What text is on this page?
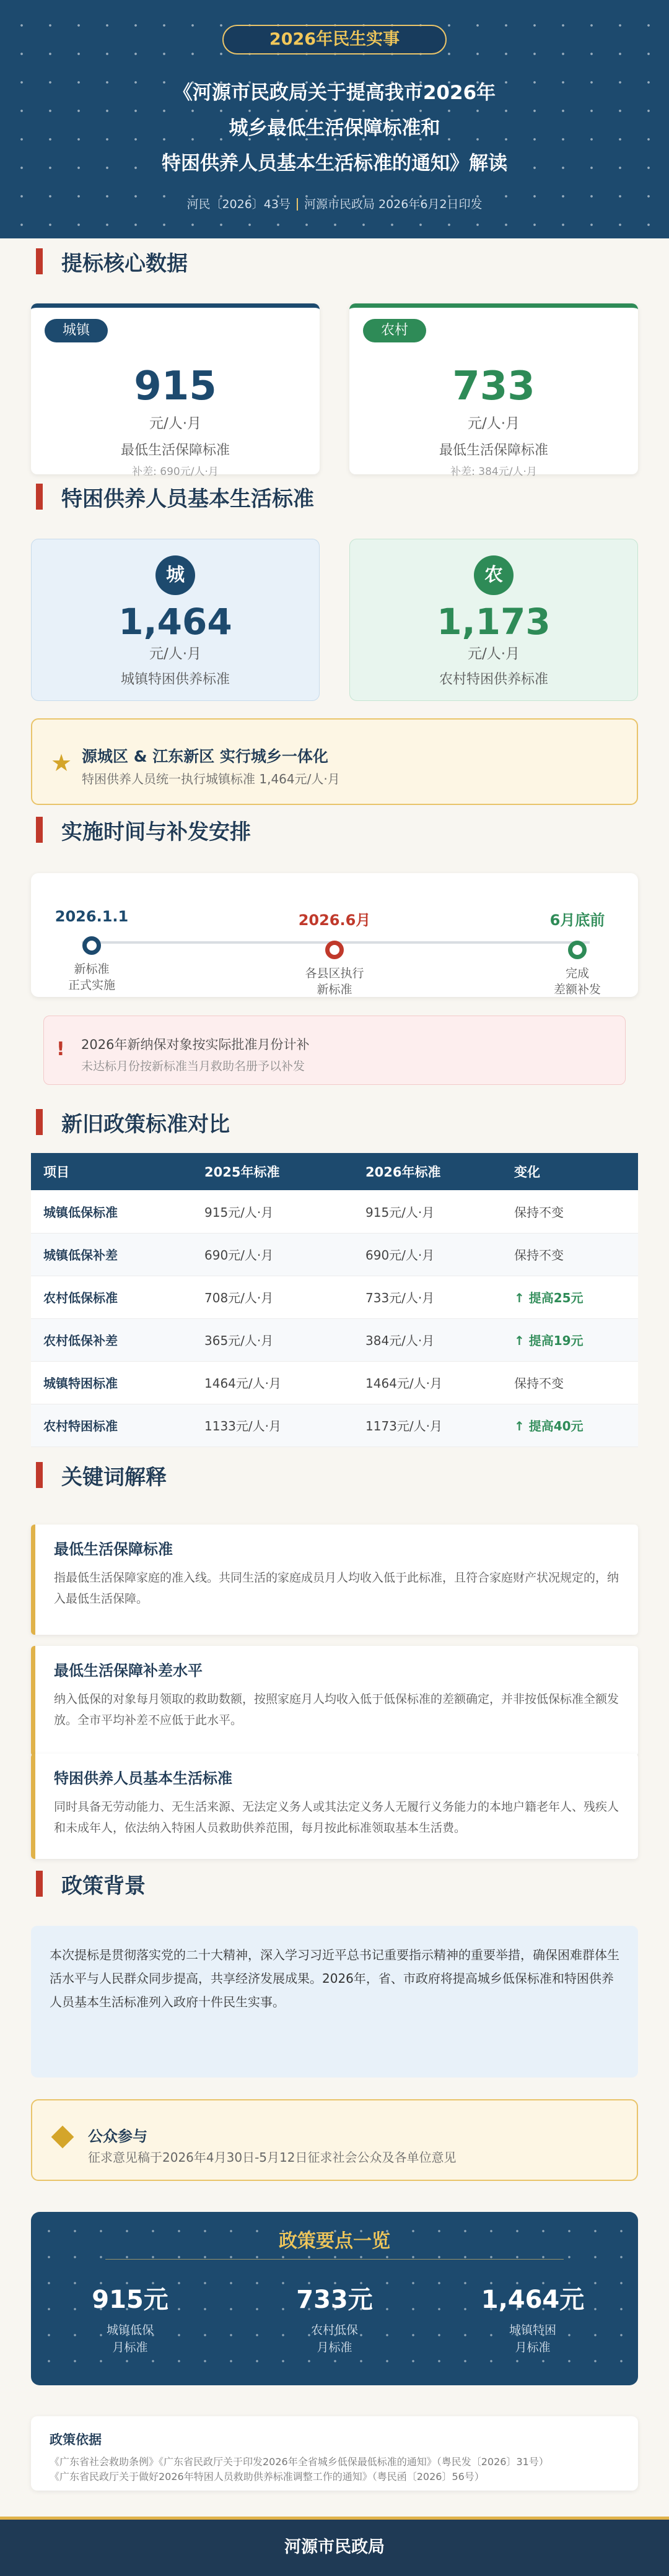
2026年民生实事
《河源市民政局关于提高我市2026年
城乡最低生活保障标准和
特困供养人员基本生活标准的通知》解读
河民〔2026〕43号 河源市民政局 2026年6月2日印发
提标核心数据
城镇
915
元/人·月
最低生活保障标准
补差: 690元/人·月
农村
733
元/人·月
最低生活保障标准
补差: 384元/人·月
特困供养人员基本生活标准
城
1,464
元/人·月
城镇特困供养标准
农
1,173
元/人·月
农村特困供养标准
★ 源城区 & 江东新区 实行城乡一体化
特困供养人员统一执行城镇标准 1,464元/人·月
实施时间与补发安排
2026.1.1
新标准
正式实施
2026.6月
各县区执行
新标准
6月底前
完成
差额补发
! 2026年新纳保对象按实际批准月份计补
未达标月份按新标准当月救助名册予以补发
新旧政策标准对比
项目	2025年标准	2026年标准	变化
城镇低保标准	915元/人·月	915元/人·月	保持不变
城镇低保补差	690元/人·月	690元/人·月	保持不变
农村低保标准	708元/人·月	733元/人·月	↑ 提高25元
农村低保补差	365元/人·月	384元/人·月	↑ 提高19元
城镇特困标准	1464元/人·月	1464元/人·月	保持不变
农村特困标准	1133元/人·月	1173元/人·月	↑ 提高40元
关键词解释
最低生活保障标准
指最低生活保障家庭的准入线。共同生活的家庭成员月人均收入低于此标准，且符合家庭财产状况规定的，纳入最低生活保障。
最低生活保障补差水平
纳入低保的对象每月领取的救助数额，按照家庭月人均收入低于低保标准的差额确定，并非按低保标准全额发放。全市平均补差不应低于此水平。
特困供养人员基本生活标准
同时具备无劳动能力、无生活来源、无法定义务人或其法定义务人无履行义务能力的本地户籍老年人、残疾人和未成年人，依法纳入特困人员救助供养范围，每月按此标准领取基本生活费。
政策背景
本次提标是贯彻落实党的二十大精神，深入学习习近平总书记重要指示精神的重要举措，确保困难群体生活水平与人民群众同步提高，共享经济发展成果。2026年，省、市政府将提高城乡低保标准和特困供养人员基本生活标准列入政府十件民生实事。
公众参与
征求意见稿于2026年4月30日-5月12日征求社会公众及各单位意见
政策要点一览
915元
城镇低保
月标准
733元
农村低保
月标准
1,464元
城镇特困
月标准
政策依据
《广东省社会救助条例》《广东省民政厅关于印发2026年全省城乡低保最低标准的通知》（粤民发〔2026〕31号）
《广东省民政厅关于做好2026年特困人员救助供养标准调整工作的通知》（粤民函〔2026〕56号）
河源市民政局
